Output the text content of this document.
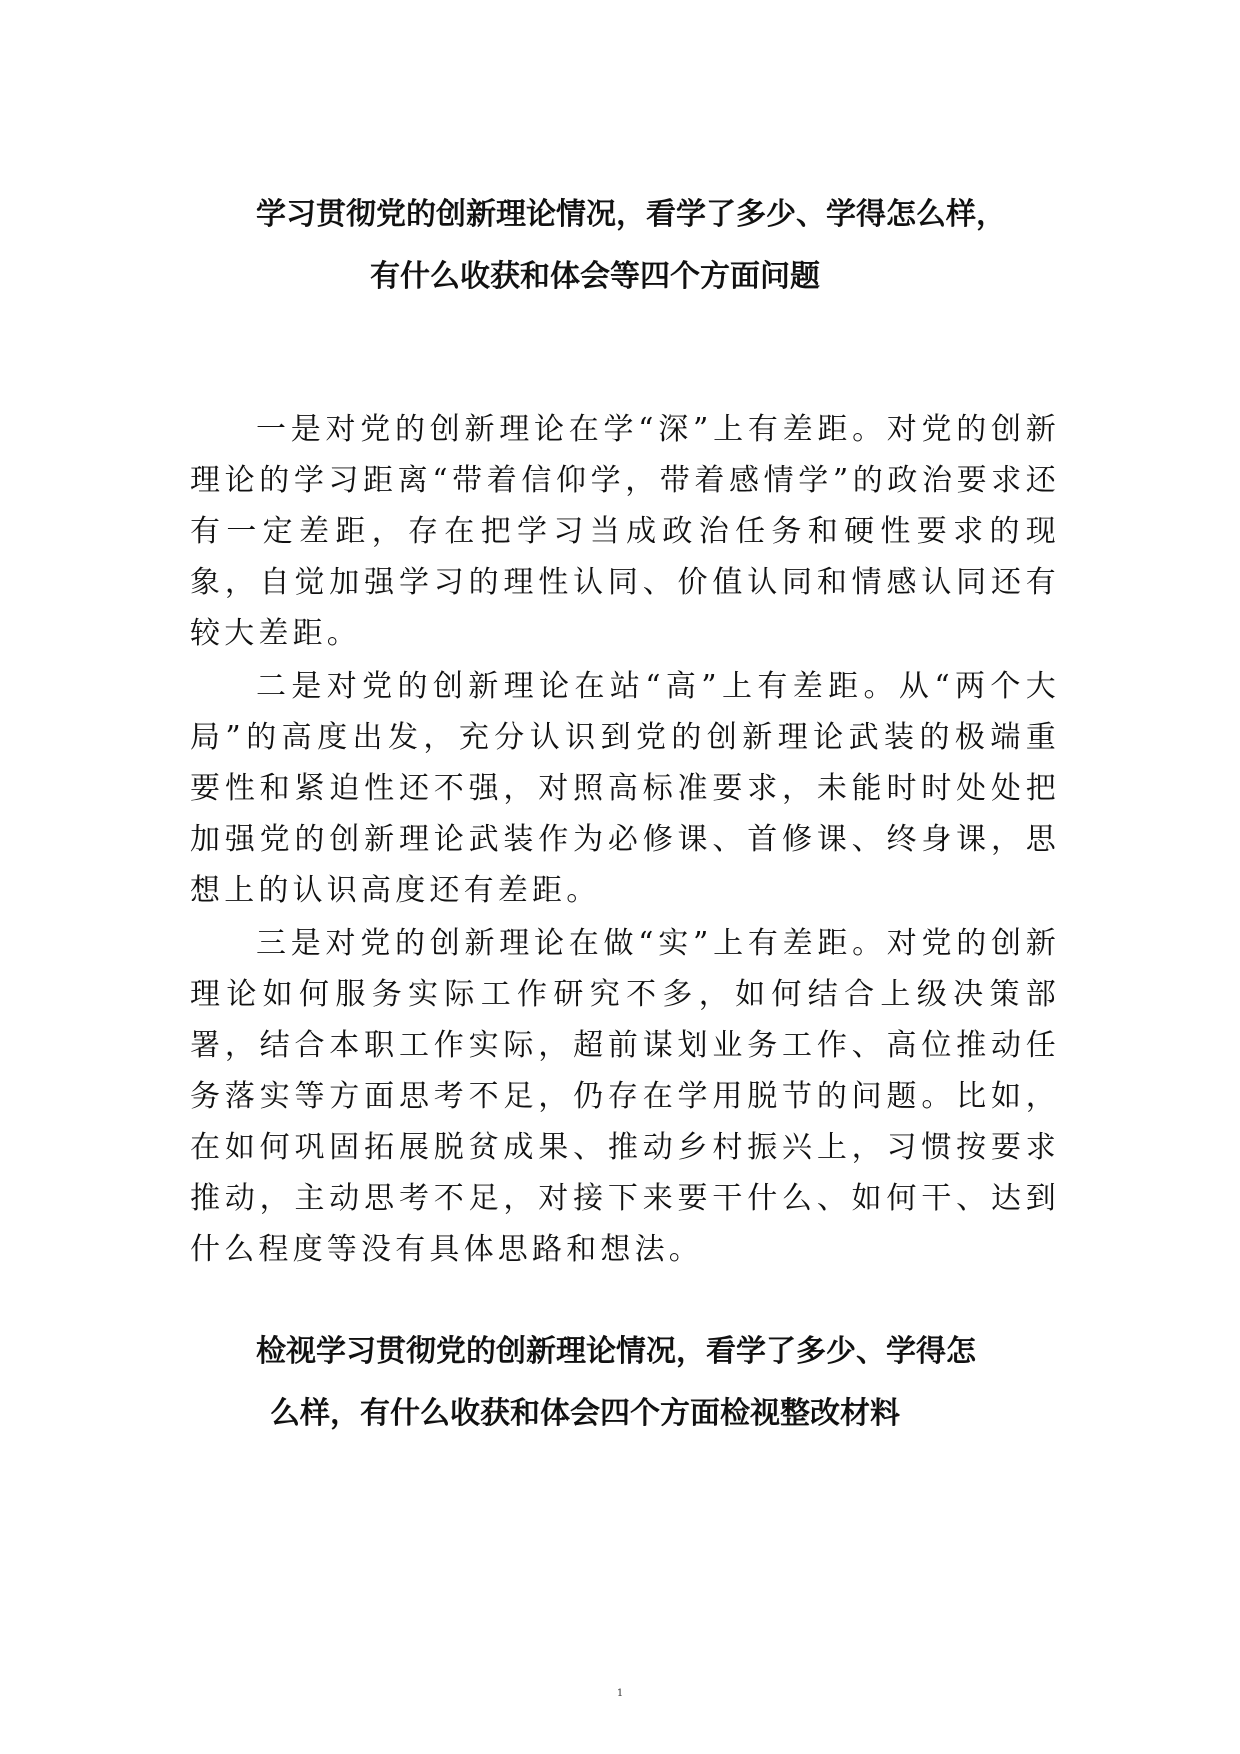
学习贯彻党的创新理论情况，看学了多少、学得怎么样，
有什么收获和体会等四个方面问题

一是对党的创新理论在学“深”上有差距。对党的创新理论的学习距离“带着信仰学，带着感情学”的政治要求还有一定差距，存在把学习当成政治任务和硬性要求的现象，自觉加强学习的理性认同、价值认同和情感认同还有较大差距。

二是对党的创新理论在站“高”上有差距。从“两个大局”的高度出发，充分认识到党的创新理论武装的极端重要性和紧迫性还不强，对照高标准要求，未能时时处处把加强党的创新理论武装作为必修课、首修课、终身课，思想上的认识高度还有差距。

三是对党的创新理论在做“实”上有差距。对党的创新理论如何服务实际工作研究不多，如何结合上级决策部署，结合本职工作实际，超前谋划业务工作、高位推动任务落实等方面思考不足，仍存在学用脱节的问题。比如，在如何巩固拓展脱贫成果、推动乡村振兴上，习惯按要求推动，主动思考不足，对接下来要干什么、如何干、达到什么程度等没有具体思路和想法。

检视学习贯彻党的创新理论情况，看学了多少、学得怎
么样，有什么收获和体会四个方面检视整改材料
1
